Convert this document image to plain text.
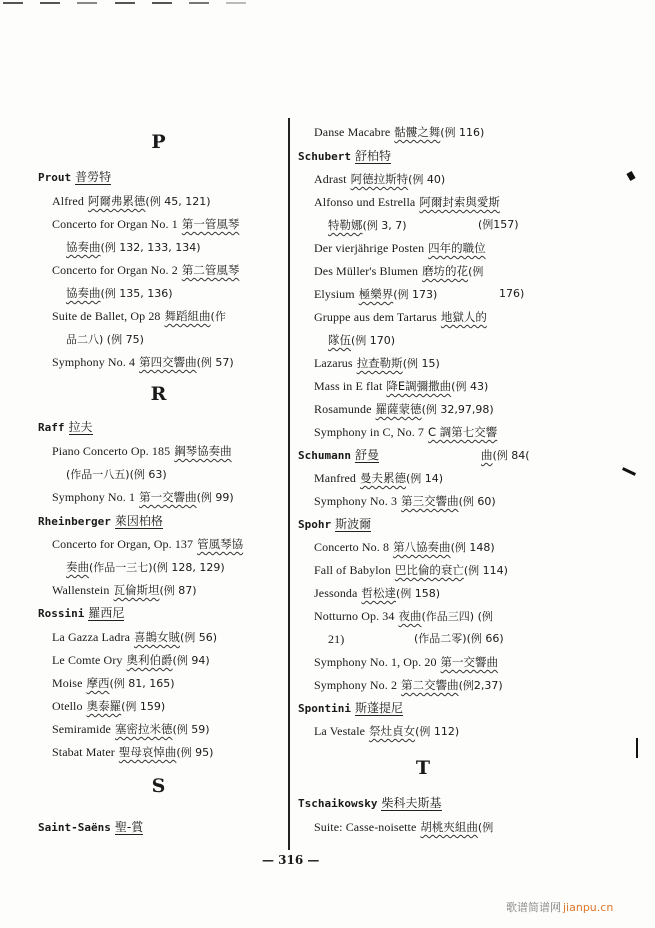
P
Prout 普勞特
Alfred 阿爾弗累德(例 45, 121)
Concerto for Organ No. 1 第一管風琴
協奏曲(例 132, 133, 134)
Concerto for Organ No. 2 第二管風琴
協奏曲(例 135, 136)
Suite de Ballet, Op 28 舞蹈組曲(作
品二八) (例 75)
Symphony No. 4 第四交響曲(例 57)
R
Raff 拉夫
Piano Concerto Op. 185 鋼琴協奏曲
(作品一八五)(例 63)
Symphony No. 1 第一交響曲(例 99)
Rheinberger 萊因柏格
Concerto for Organ, Op. 137 管風琴協
奏曲(作品一三七)(例 128, 129)
Wallenstein 瓦倫斯坦(例 87)
Rossini 羅西尼
La Gazza Ladra 喜鵲女賊(例 56)
Le Comte Ory 奧利伯爵(例 94)
Moise 摩西(例 81, 165)
Otello 奧泰羅(例 159)
Semiramide 塞密拉米德(例 59)
Stabat Mater 聖母哀悼曲(例 95)
S
Saint-Saëns 聖-賞
Danse Macabre 骷髏之舞(例 116)
Schubert 舒柏特
Adrast 阿德拉斯特(例 40)
Alfonso und Estrella 阿爾封索與愛斯
特勒娜(例 3, 7)	(例157)
Der vierjährige Posten 四年的職位
Des Müller's Blumen 磨坊的花(例
Elysium 極樂界(例 173)	176)
Gruppe aus dem Tartarus 地獄人的
隊伍(例 170)
Lazarus 拉查勒斯(例 15)
Mass in E flat 降E調彌撒曲(例 43)
Rosamunde 羅薩蒙德(例 32,97,98)
Symphony in C, No. 7 C 調第七交響
Schumann 舒曼	曲(例 84(
Manfred 曼夫累德(例 14)
Symphony No. 3 第三交響曲(例 60)
Spohr 斯波爾
Concerto No. 8 第八協奏曲(例 148)
Fall of Babylon 巴比倫的衰亡(例 114)
Jessonda 哲松達(例 158)
Notturno Op. 34 夜曲(作品三四) (例
21)	(作品二零)(例 66)
Symphony No. 1, Op. 20 第一交響曲
Symphony No. 2 第二交響曲(例2,37)
Spontini 斯蓬提尼
La Vestale 祭灶貞女(例 112)
T
Tschaikowsky 柴科夫斯基
Suite: Casse-noisette 胡桃夾組曲(例
— 316 —
歌谱简谱网 jianpu.cn
